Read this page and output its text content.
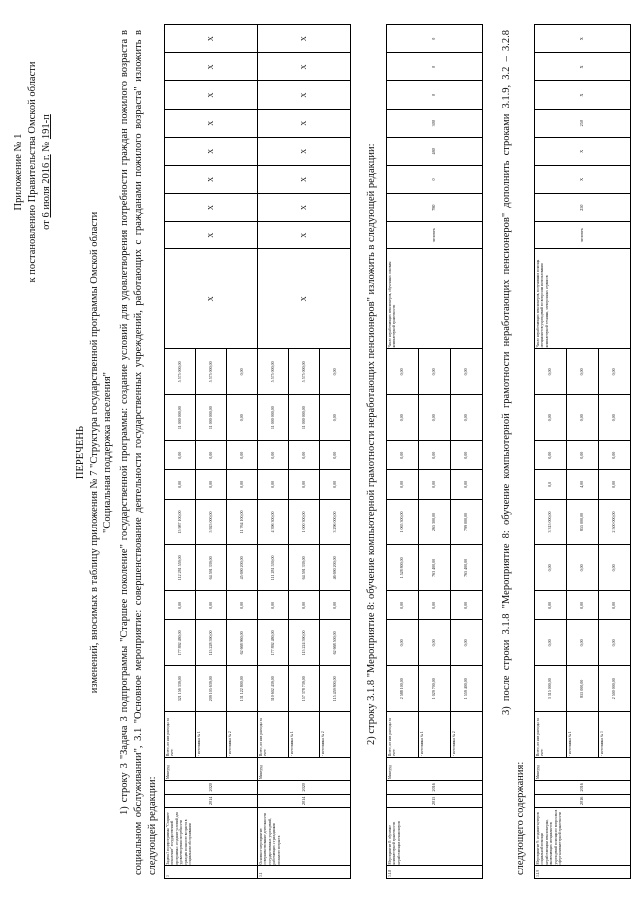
Приложение № 1 к постановлению Правительства Омской области от 6 июля 2016 г. № 191-п
ПЕРЕЧЕНЬ изменений, вносимых в таблицу приложения № 7 "Структура государственной программы Омской области "Социальная поддержка населения" 1) строку 3 "Задача 3 подпрограммы "Старшее поколение" государственной программы: создание условий для удовлетворения потребности граждан пожилого возраста в социальном обслуживании", 3.1 "Основное мероприятие: совершенствование деятельности государственных учреждений, работающих с гражданами пожилого возраста" изложить в следующей редакции:
3	Задача 3 подпрограммы "Старшее поколение" государственной программы: создание условий для удовлетворения потребности граждан пожилого возраста в социальном обслуживании	2014	2020	Минтруд	Всего, из них расходы за счет:	321 156 339,00	177 892 480,00	0,00	112 281 559,00	15 987 100,00	0,00	0,00	11 000 000,00	5 575 000,00	X	X	X	X	X	X	X	X	X
					- источника № 1	209 105 639,00	115 228 590,00	0,00	64 591 339,00	5 925 000,00	0,00	0,00	11 000 000,00	5 575 000,00									
					- источника № 2	131 122 800,00	62 668 960,00	0,00	45 690 200,00	11 764 100,00	0,00	0,00	0,00	0,00									
3.1	Основное мероприятие: совершенствование деятельности государственных учреждений, работающих с гражданами пожилого возраста	2014	2020	Минтруд	Всего, из них расходы за счет:	310 602 439,00	177 892 480,00	0,00	111 281 559,00	4 396 300,00	0,00	0,00	11 000 000,00	5 575 000,00	X	X	X	X	X	X	X	X	X
					- источника № 1	157 378 739,00	115 224 590,00	0,00	64 591 339,00	1 000 300,00	0,00	0,00	11 000 000,00	5 575 000,00									
					- источника № 2	115 459 800,00	62 668 500,00	0,00	46 690 200,00	3 296 000,00	0,00	0,00	0,00	0,00										2) строку 3.1.8 "Мероприятие 8: обучение компьютерной грамотности неработающих пенсионеров" изложить в следующей редакции:
3.1.8	Мероприятие 8: обучение компьютерной грамотности неработающих пенсионеров	2015	2016	Минтруд	Всего, из них расходы за счет:	2 588 100,00	0,00	0,00	1 528 800,00	1 065 300,00	0,00	0,00	0,00	0,00	Число неработающих пенсионеров, обученных основам компьютерной грамотности	человек	780	0	480	300	0	0	0
					- источника № 1	1 029 700,00	0,00	0,00	763 400,00	265 300,00	0,00	0,00	0,00	0,00									
					- источника № 2	1 559 400,00	0,00	0,00	765 400,00	799 000,00	0,00	0,00	0,00	0,00										3) после строки 3.1.8 "Мероприятие 8: обучение компьютерной грамотности неработающих пенсионеров" дополнить строками 3.1.9, 3.2 – 3.2.8 следующего содержания:	3.1.9	Мероприятие 9: создание центров социальной помощи неработающим пенсионерам, включающих специалистов учреждений помощи по вопросам в сфере компьютерной грамотности	2016	2016	Минтруд	Всего, из них расходы за счет:	3 315 000,00	0,00	0,00	0,00	3 315 000,00	0,0	0,00	0,00	0,00	Число неработающих пенсионеров, получивших помощь специалистов учреждений по вопросам использования компьютерной техники, электронных сервисов	человек	250	X	X	250	X	X	X
					- источника № 1	855 000,00	0,00	0,00	0,00	855 000,00	4,00	0,00	0,00	0,00									
					- источника № 3	2 500 000,00	0,00	0,00	0,00	2 500 000,00	0,00	0,00	0,00	0,00									
